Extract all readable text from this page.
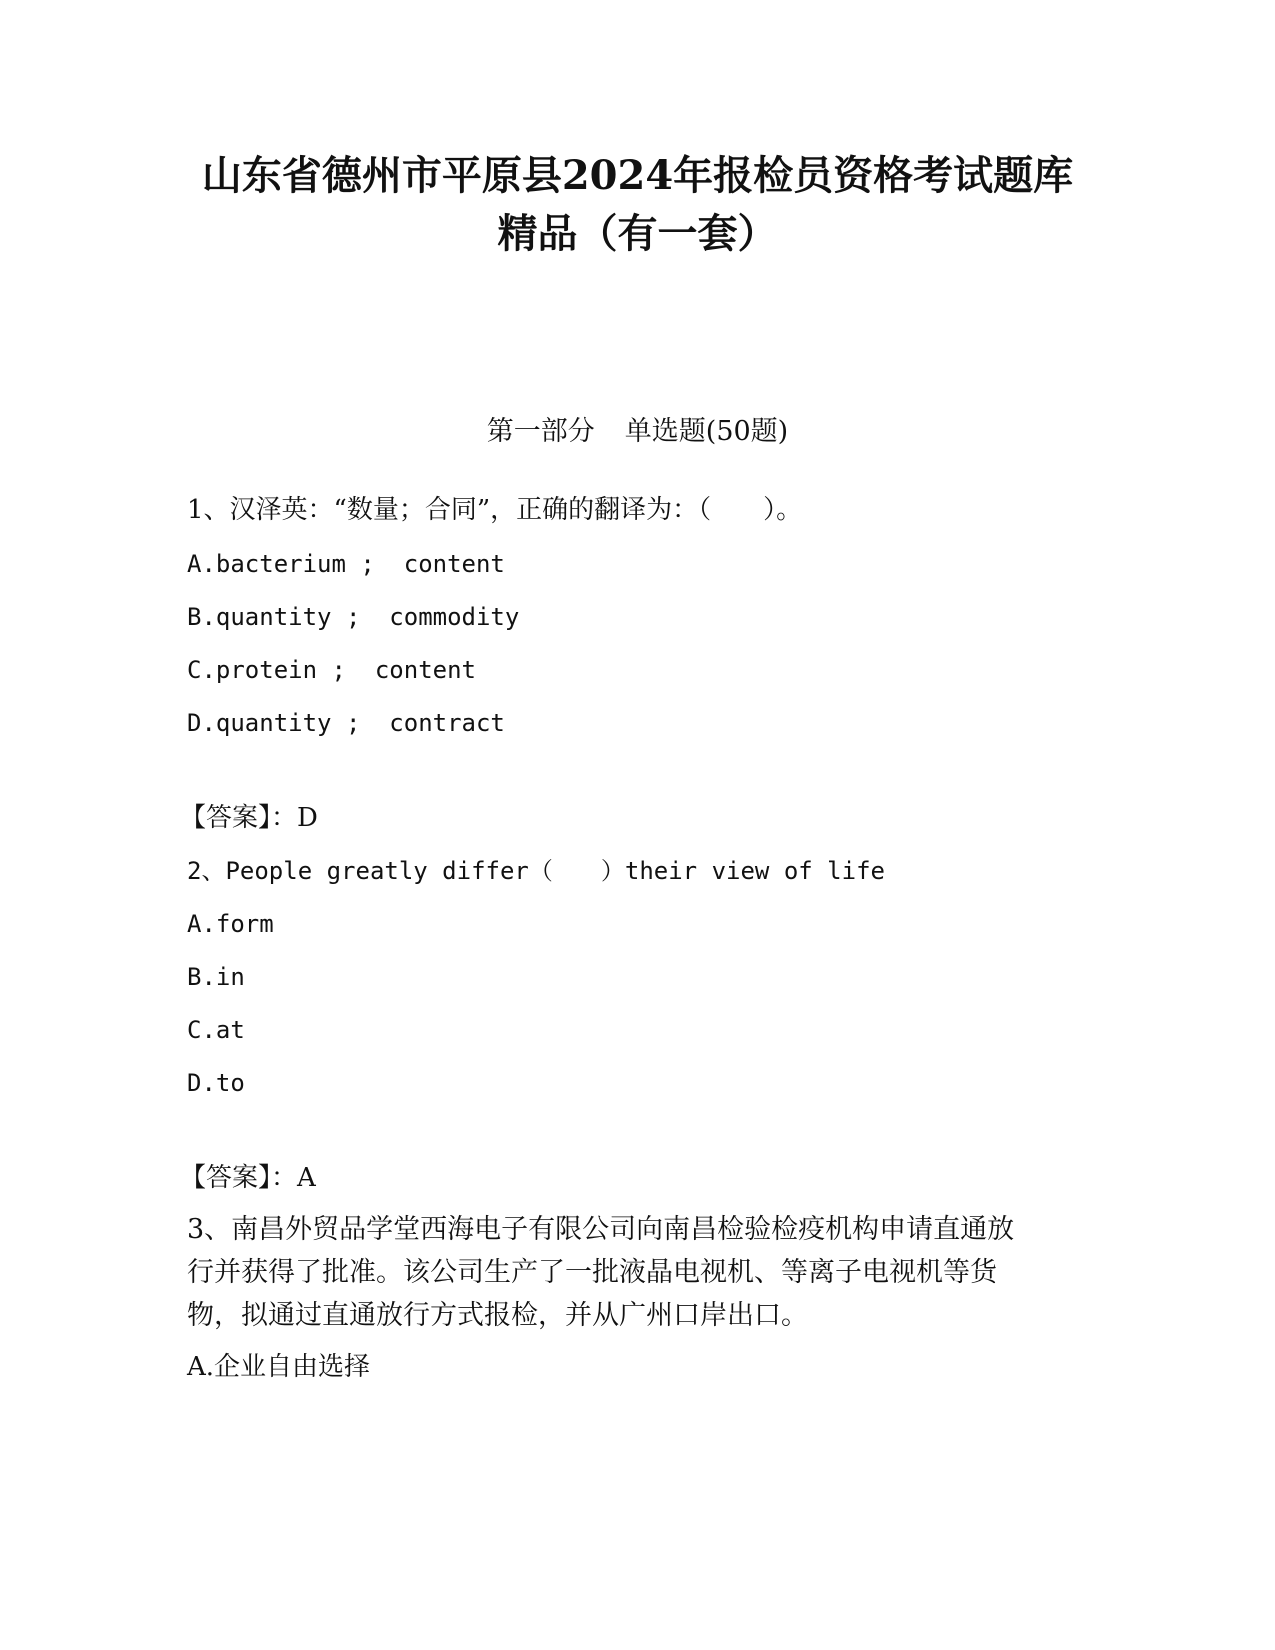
山东省德州市平原县2024年报检员资格考试题库
精品（有一套）
第一部分 单选题(50题)
1、汉泽英：“数量；合同”，正确的翻译为：（　　）。
A.bacterium ;  content
B.quantity ;  commodity
C.protein ;  content
D.quantity ;  contract
【答案】：D
2、People greatly differ（　　）their view of life
A.form
B.in
C.at
D.to
【答案】：A
3、南昌外贸品学堂西海电子有限公司向南昌检验检疫机构申请直通放
行并获得了批准。该公司生产了一批液晶电视机、等离子电视机等货
物，拟通过直通放行方式报检，并从广州口岸出口。
A.企业自由选择
